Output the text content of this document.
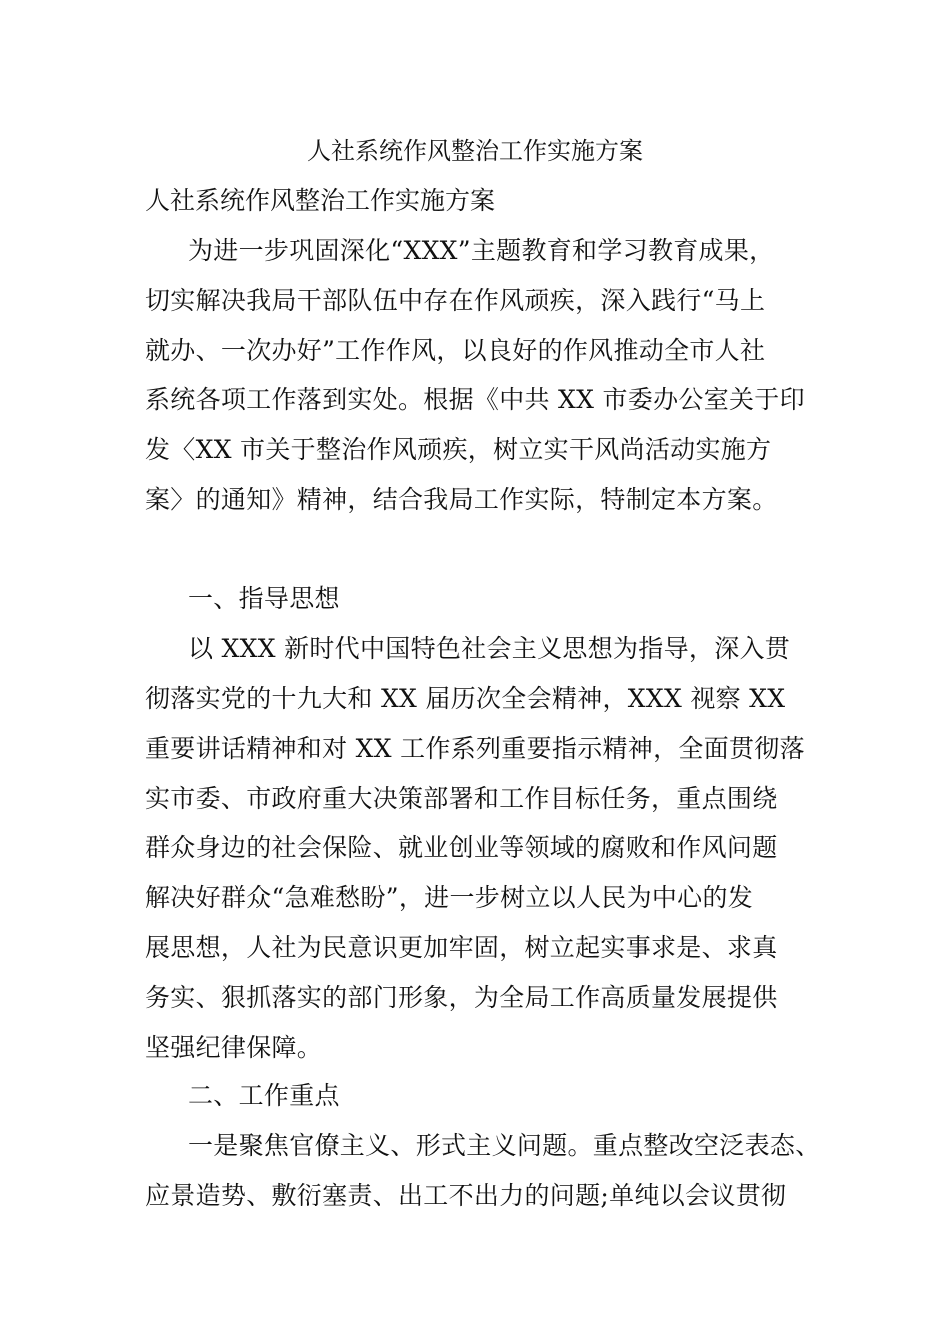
人社系统作风整治工作实施方案
人社系统作风整治工作实施方案
为进一步巩固深化“XXX”主题教育和学习教育成果，
切实解决我局干部队伍中存在作风顽疾，深入践行“马上
就办、一次办好”工作作风，以良好的作风推动全市人社
系统各项工作落到实处。根据《中共 XX 市委办公室关于印
发〈XX 市关于整治作风顽疾，树立实干风尚活动实施方
案〉的通知》精神，结合我局工作实际，特制定本方案。
一、指导思想
以 XXX 新时代中国特色社会主义思想为指导，深入贯
彻落实党的十九大和 XX 届历次全会精神，XXX 视察 XX
重要讲话精神和对 XX 工作系列重要指示精神，全面贯彻落
实市委、市政府重大决策部署和工作目标任务，重点围绕
群众身边的社会保险、就业创业等领域的腐败和作风问题
解决好群众“急难愁盼”，进一步树立以人民为中心的发
展思想，人社为民意识更加牢固，树立起实事求是、求真
务实、狠抓落实的部门形象，为全局工作高质量发展提供
坚强纪律保障。
二、工作重点
一是聚焦官僚主义、形式主义问题。重点整改空泛表态、
应景造势、敷衍塞责、出工不出力的问题;单纯以会议贯彻
